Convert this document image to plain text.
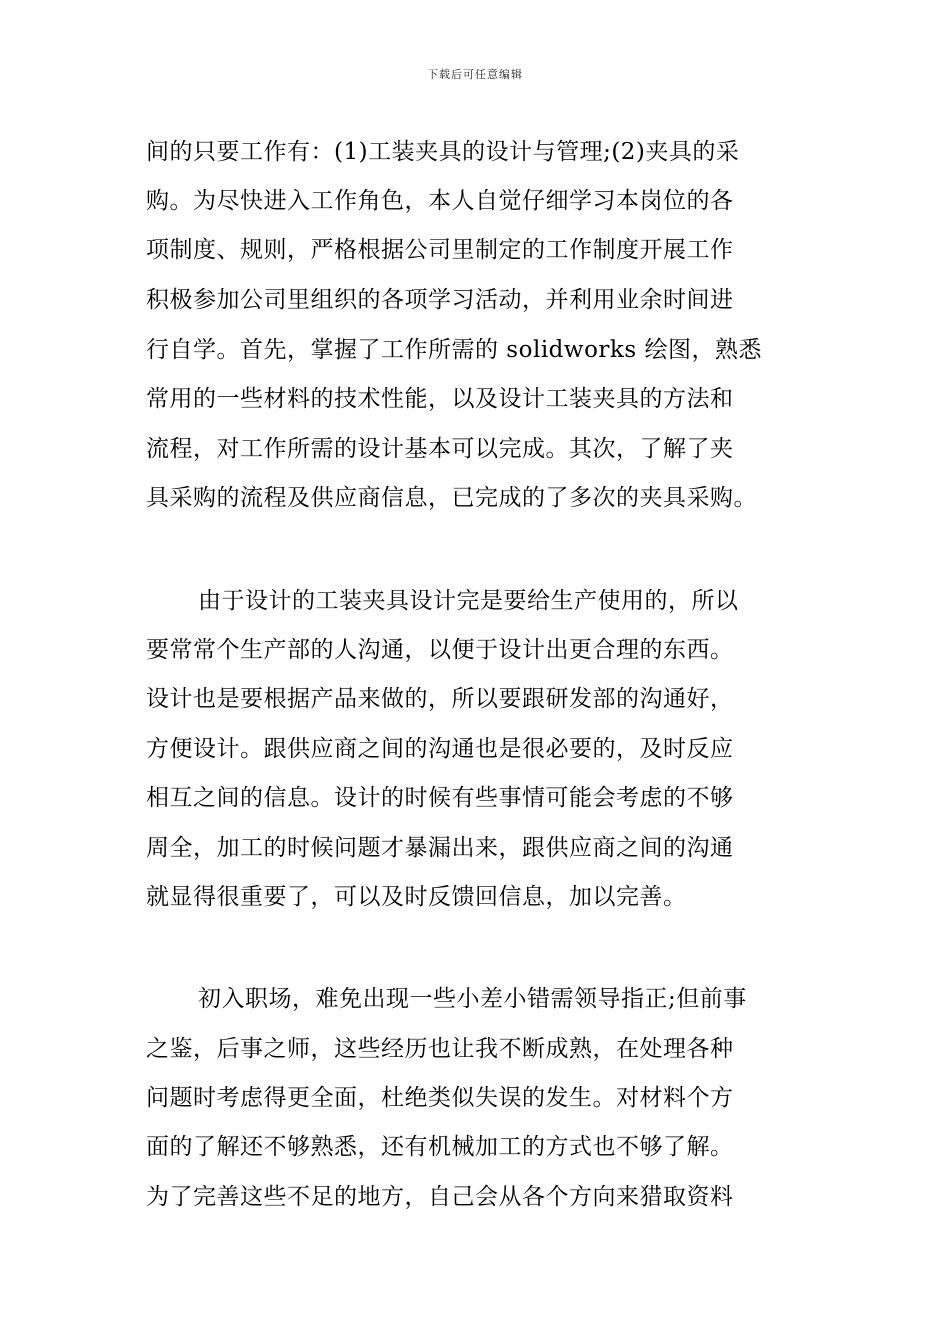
下载后可任意编辑
间的只要工作有：(1)工装夹具的设计与管理;(2)夹具的采
购。为尽快进入工作角色，本人自觉仔细学习本岗位的各
项制度、规则，严格根据公司里制定的工作制度开展工作
积极参加公司里组织的各项学习活动，并利用业余时间进
行自学。首先，掌握了工作所需的 solidworks 绘图，熟悉
常用的一些材料的技术性能，以及设计工装夹具的方法和
流程，对工作所需的设计基本可以完成。其次，了解了夹
具采购的流程及供应商信息，已完成的了多次的夹具采购。
由于设计的工装夹具设计完是要给生产使用的，所以
要常常个生产部的人沟通，以便于设计出更合理的东西。
设计也是要根据产品来做的，所以要跟研发部的沟通好，
方便设计。跟供应商之间的沟通也是很必要的，及时反应
相互之间的信息。设计的时候有些事情可能会考虑的不够
周全，加工的时候问题才暴漏出来，跟供应商之间的沟通
就显得很重要了，可以及时反馈回信息，加以完善。
初入职场，难免出现一些小差小错需领导指正;但前事
之鉴，后事之师，这些经历也让我不断成熟，在处理各种
问题时考虑得更全面，杜绝类似失误的发生。对材料个方
面的了解还不够熟悉，还有机械加工的方式也不够了解。
为了完善这些不足的地方，自己会从各个方向来猎取资料
